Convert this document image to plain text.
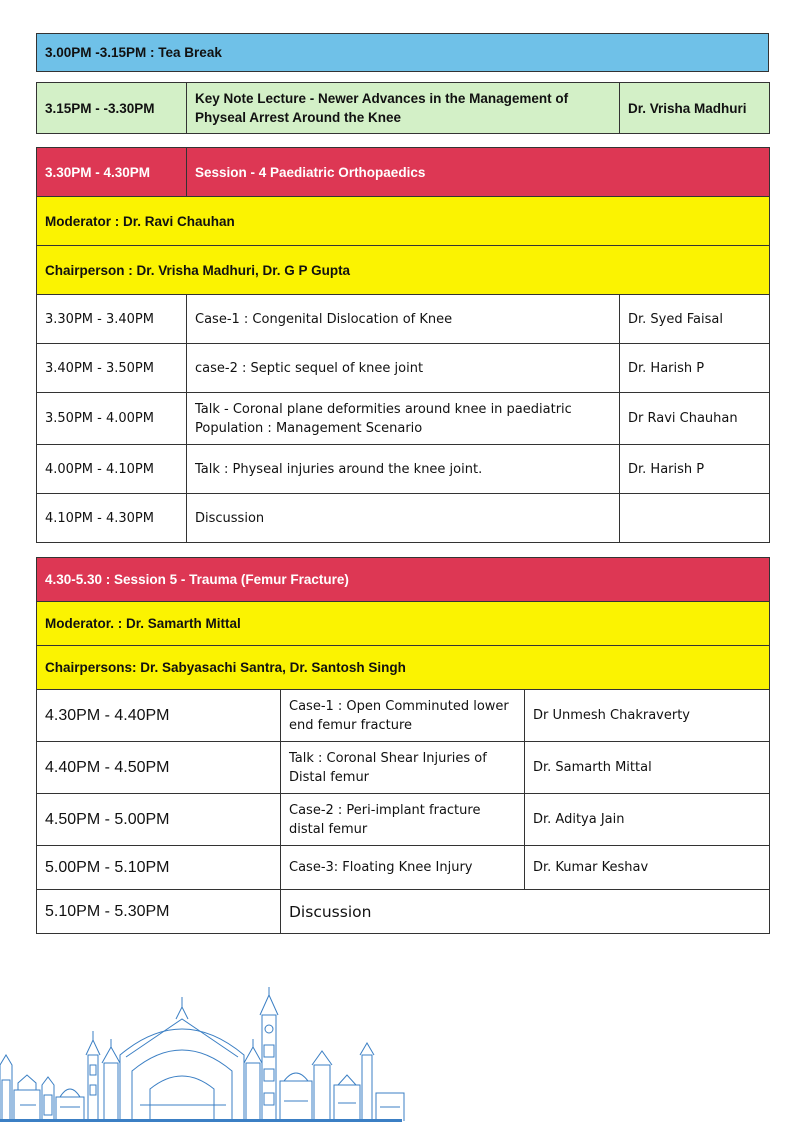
3.00PM -3.15PM : Tea Break
3.15PM - -3.30PM	Key Note Lecture - Newer Advances in the Management of Physeal Arrest Around the Knee	Dr. Vrisha Madhuri
3.30PM - 4.30PM	Session - 4 Paediatric Orthopaedics	
Moderator : Dr. Ravi Chauhan		
Chairperson : Dr. Vrisha Madhuri, Dr. G P Gupta		
3.30PM - 3.40PM	Case-1 : Congenital Dislocation of Knee	Dr. Syed Faisal
3.40PM - 3.50PM	case-2 : Septic sequel of knee joint	Dr. Harish P
3.50PM - 4.00PM	Talk - Coronal plane deformities around knee in paediatric Population : Management Scenario	Dr Ravi Chauhan
4.00PM - 4.10PM	Talk : Physeal injuries around the knee joint.	Dr. Harish P
4.10PM - 4.30PM	Discussion	
4.30-5.30 : Session 5 - Trauma (Femur Fracture)		
Moderator. : Dr. Samarth Mittal		
Chairpersons: Dr. Sabyasachi Santra, Dr. Santosh Singh		
4.30PM - 4.40PM	Case-1 : Open Comminuted lower end femur fracture	Dr Unmesh Chakraverty
4.40PM - 4.50PM	Talk : Coronal Shear Injuries of Distal femur	Dr. Samarth Mittal
4.50PM - 5.00PM	Case-2 : Peri-implant fracture distal femur	Dr. Aditya Jain
5.00PM - 5.10PM	Case-3: Floating Knee Injury	Dr. Kumar Keshav
5.10PM - 5.30PM	Discussion	
